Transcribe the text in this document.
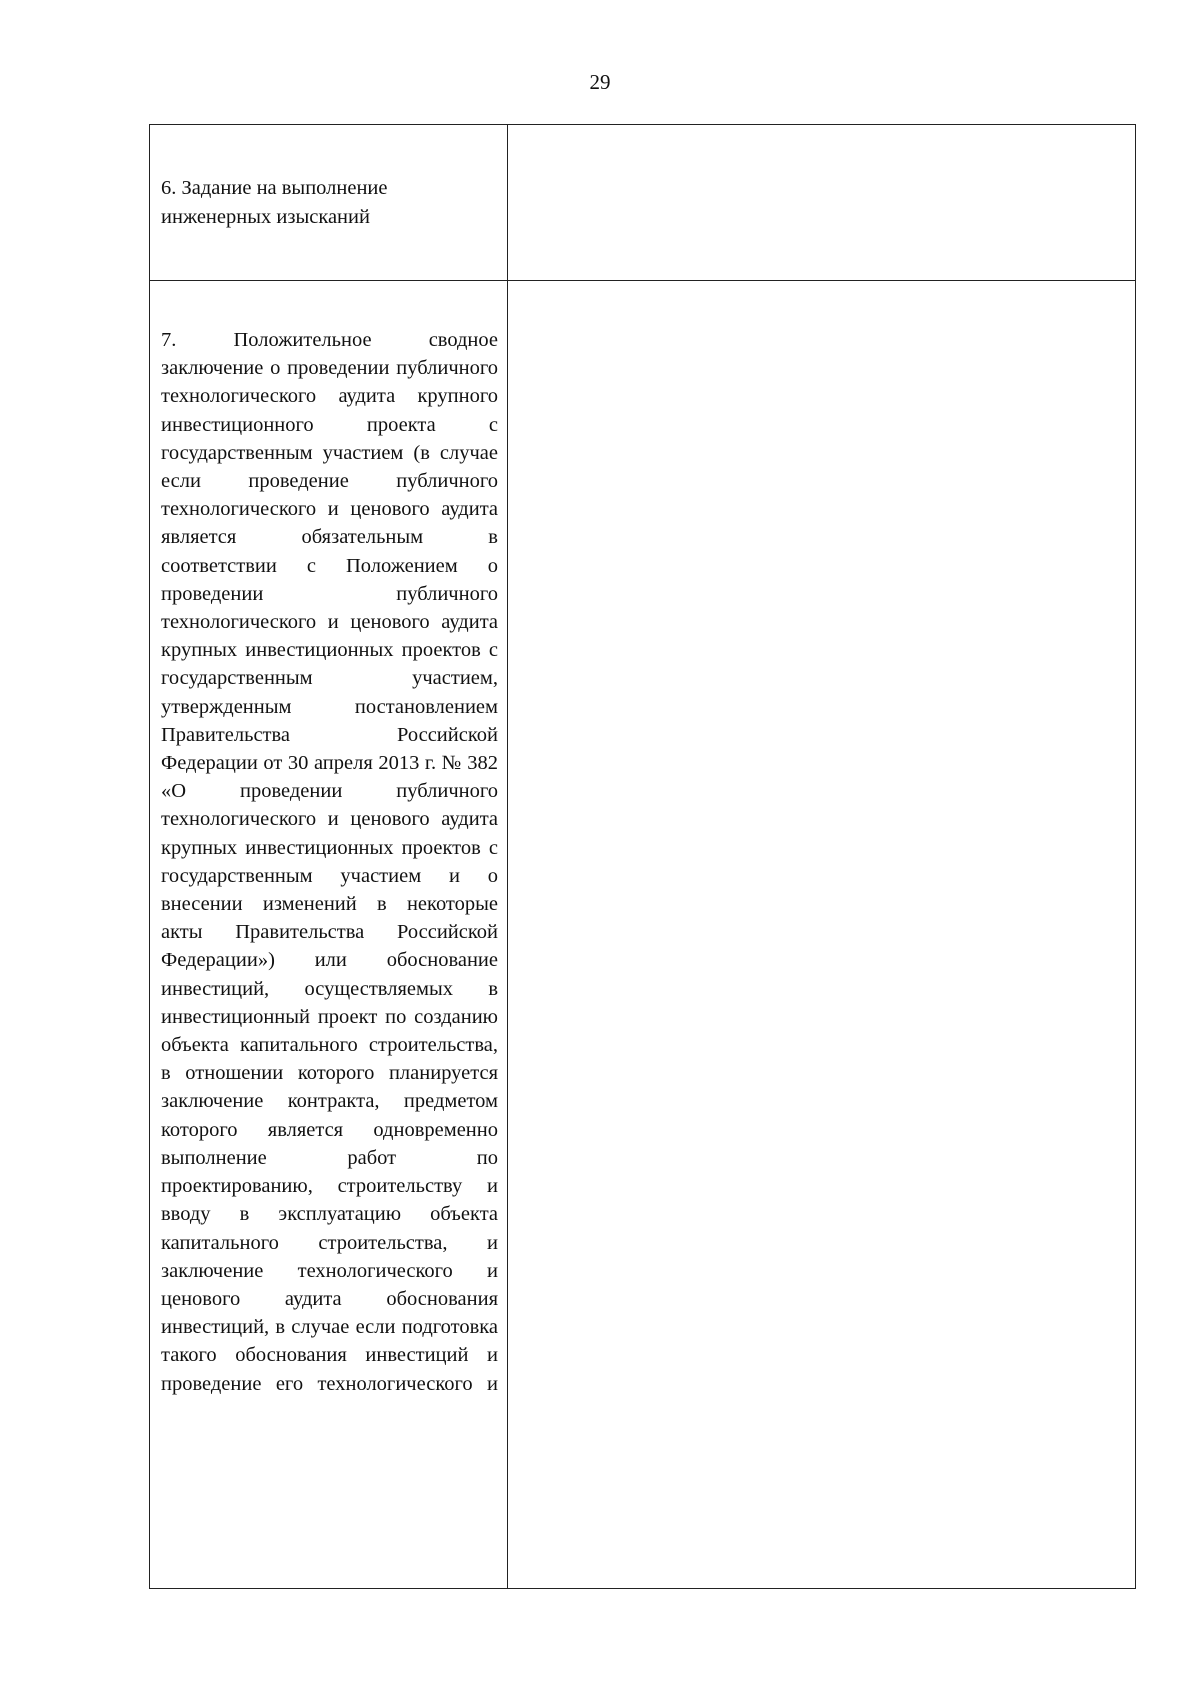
29
6. Задание на выполнение инженерных изысканий	

7. Положительное сводное заключение о проведении публичного технологического аудита крупного инвестиционного проекта с государственным участием (в случае если проведение публичного технологического и ценового аудита является обязательным в соответствии с Положением о проведении публичного технологического и ценового аудита крупных инвестиционных проектов с государственным участием, утвержденным постановлением Правительства Российской Федерации от 30 апреля 2013 г. № 382 «О проведении публичного технологического и ценового аудита крупных инвестиционных проектов с государственным участием и о внесении изменений в некоторые акты Правительства Российской Федерации») или обоснование инвестиций, осуществляемых в инвестиционный проект по созданию объекта капитального строительства, в отношении которого планируется заключение контракта, предметом которого является одновременно выполнение работ по проектированию, строительству и вводу в эксплуатацию объекта капитального строительства, и заключение технологического и ценового аудита обоснования инвестиций, в случае если подготовка такого обоснования инвестиций и проведение его технологического и	
